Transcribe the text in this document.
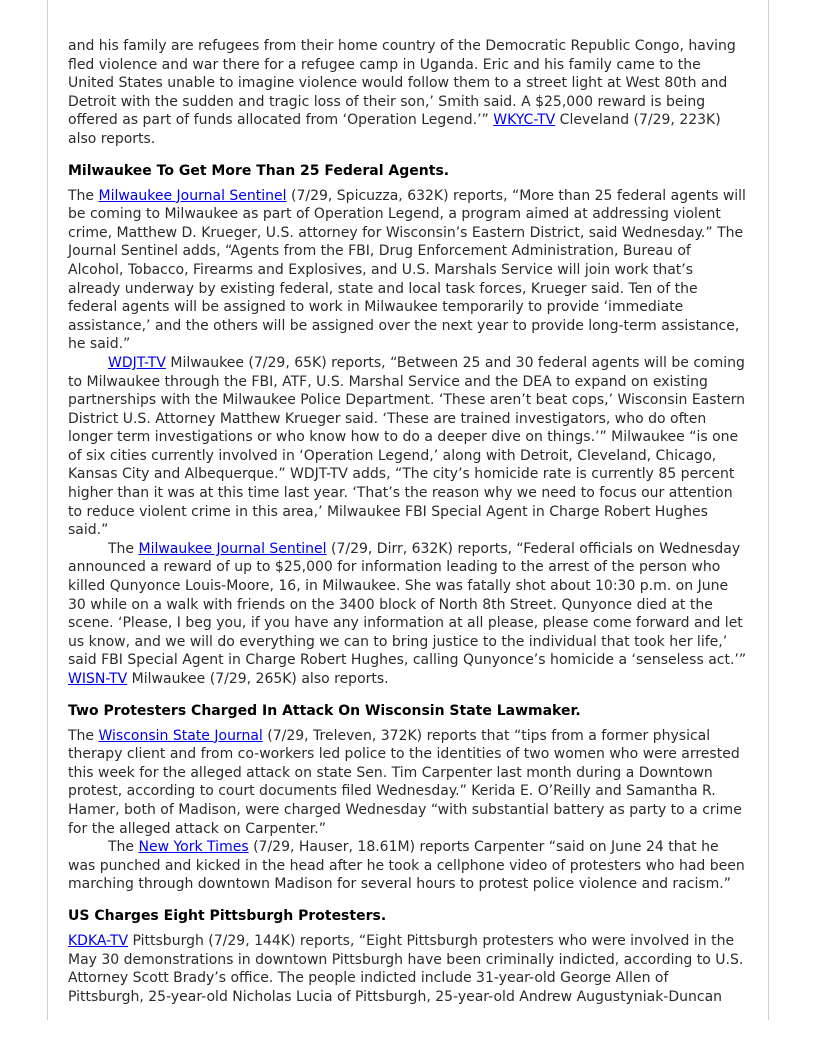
and his family are refugees from their home country of the Democratic Republic Congo, having fled violence and war there for a refugee camp in Uganda. Eric and his family came to the United States unable to imagine violence would follow them to a street light at West 80th and Detroit with the sudden and tragic loss of their son,’ Smith said. A $25,000 reward is being offered as part of funds allocated from ‘Operation Legend.’” WKYC-TV Cleveland (7/29, 223K) also reports.

Milwaukee To Get More Than 25 Federal Agents.

The Milwaukee Journal Sentinel (7/29, Spicuzza, 632K) reports, “More than 25 federal agents will be coming to Milwaukee as part of Operation Legend, a program aimed at addressing violent crime, Matthew D. Krueger, U.S. attorney for Wisconsin’s Eastern District, said Wednesday.” The Journal Sentinel adds, “Agents from the FBI, Drug Enforcement Administration, Bureau of Alcohol, Tobacco, Firearms and Explosives, and U.S. Marshals Service will join work that’s already underway by existing federal, state and local task forces, Krueger said. Ten of the federal agents will be assigned to work in Milwaukee temporarily to provide ‘immediate assistance,’ and the others will be assigned over the next year to provide long-term assistance, he said.”

WDJT-TV Milwaukee (7/29, 65K) reports, “Between 25 and 30 federal agents will be coming to Milwaukee through the FBI, ATF, U.S. Marshal Service and the DEA to expand on existing partnerships with the Milwaukee Police Department. ‘These aren’t beat cops,’ Wisconsin Eastern District U.S. Attorney Matthew Krueger said. ‘These are trained investigators, who do often longer term investigations or who know how to do a deeper dive on things.’” Milwaukee “is one of six cities currently involved in ‘Operation Legend,’ along with Detroit, Cleveland, Chicago, Kansas City and Albequerque.” WDJT-TV adds, “The city’s homicide rate is currently 85 percent higher than it was at this time last year. ‘That’s the reason why we need to focus our attention to reduce violent crime in this area,’ Milwaukee FBI Special Agent in Charge Robert Hughes said.”

The Milwaukee Journal Sentinel (7/29, Dirr, 632K) reports, “Federal officials on Wednesday announced a reward of up to $25,000 for information leading to the arrest of the person who killed Qunyonce Louis-Moore, 16, in Milwaukee. She was fatally shot about 10:30 p.m. on June 30 while on a walk with friends on the 3400 block of North 8th Street. Qunyonce died at the scene. ‘Please, I beg you, if you have any information at all please, please come forward and let us know, and we will do everything we can to bring justice to the individual that took her life,’ said FBI Special Agent in Charge Robert Hughes, calling Qunyonce’s homicide a ‘senseless act.’” WISN-TV Milwaukee (7/29, 265K) also reports.

Two Protesters Charged In Attack On Wisconsin State Lawmaker.

The Wisconsin State Journal (7/29, Treleven, 372K) reports that “tips from a former physical therapy client and from co-workers led police to the identities of two women who were arrested this week for the alleged attack on state Sen. Tim Carpenter last month during a Downtown protest, according to court documents filed Wednesday.” Kerida E. O’Reilly and Samantha R. Hamer, both of Madison, were charged Wednesday “with substantial battery as party to a crime for the alleged attack on Carpenter.”

The New York Times (7/29, Hauser, 18.61M) reports Carpenter “said on June 24 that he was punched and kicked in the head after he took a cellphone video of protesters who had been marching through downtown Madison for several hours to protest police violence and racism.”

US Charges Eight Pittsburgh Protesters.

KDKA-TV Pittsburgh (7/29, 144K) reports, “Eight Pittsburgh protesters who were involved in the May 30 demonstrations in downtown Pittsburgh have been criminally indicted, according to U.S. Attorney Scott Brady’s office. The people indicted include 31-year-old George Allen of Pittsburgh, 25-year-old Nicholas Lucia of Pittsburgh, 25-year-old Andrew Augustyniak-Duncan
